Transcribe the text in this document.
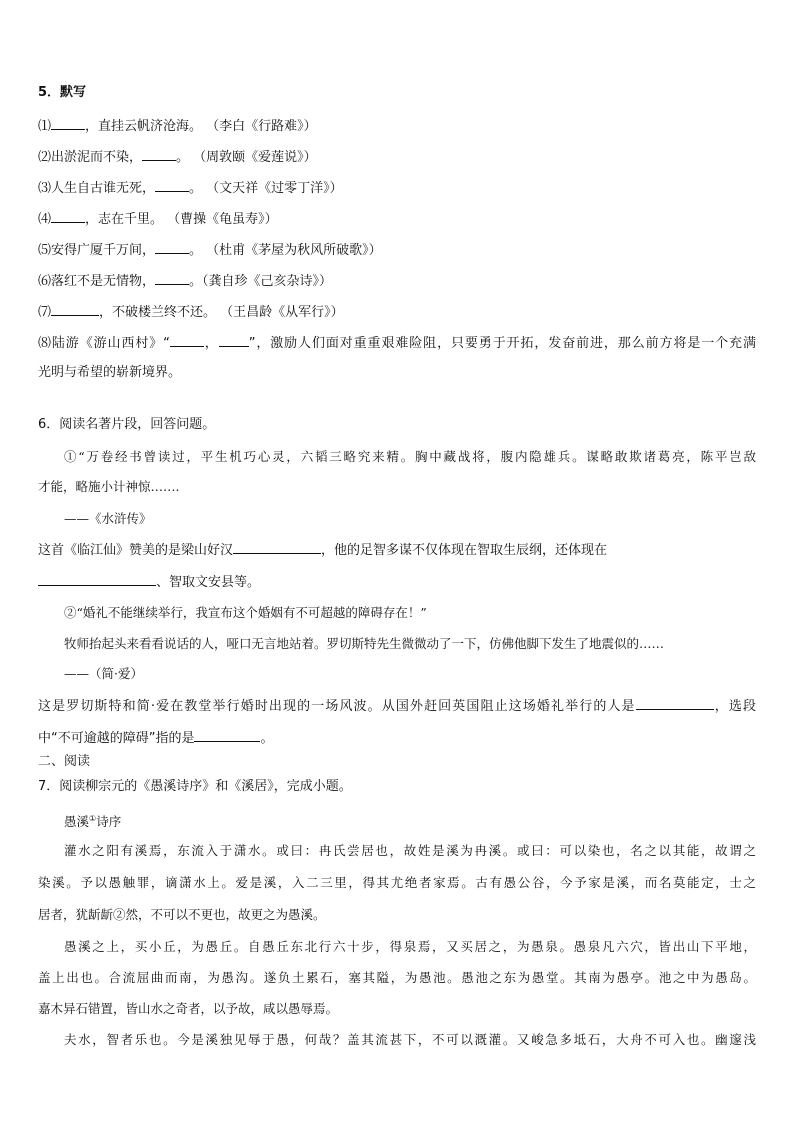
5．默写
⑴	，直挂云帆济沧海。 （李白《行路难》）
⑵出淤泥而不染，	。 （周敦颐《爱莲说》）
⑶人生自古谁无死，	。 （文天祥《过零丁洋》）
⑷	，志在千里。 （曹操《龟虽寿》）
⑸安得广厦千万间，	。 （杜甫《茅屋为秋风所破歌》）
⑹落红不是无情物，	。（龚自珍《己亥杂诗》）
⑺	，不破楼兰终不还。 （王昌龄《从军行》）
⑻陆游《游山西村》“	， ”，激励人们面对重重艰难险阻，只要勇于开拓，发奋前进，那么前方将是一个充满
光明与希望的崭新境界。
6．阅读名著片段，回答问题。
①“万卷经书曾读过，平生机巧心灵，六韬三略究来精。胸中藏战将，腹内隐雄兵。谋略敢欺诸葛亮，陈平岂敌
才能，略施小计神惊…….
——《水浒传》
这首《临江仙》赞美的是梁山好汉	，他的足智多谋不仅体现在智取生辰纲，还体现在
、智取文安县等。
②“婚礼不能继续举行，我宣布这个婚姻有不可超越的障碍存在！”
牧师抬起头来看看说话的人，哑口无言地站着。罗切斯特先生微微动了一下，仿佛他脚下发生了地震似的……
——（简·爱）
这是罗切斯特和简·爱在教堂举行婚时出现的一场风波。从国外赶回英国阻止这场婚礼举行的人是	，选段
中“不可逾越的障碍”指的是	。
二、阅读
7．阅读柳宗元的《愚溪诗序》和《溪居》，完成小题。
愚溪①诗序
灌水之阳有溪焉，东流入于潇水。或曰：冉氏尝居也，故姓是溪为冉溪。或曰：可以染也，名之以其能，故谓之
染溪。予以愚触罪，谪潇水上。爱是溪，入二三里，得其尤绝者家焉。古有愚公谷，今予家是溪，而名莫能定，士之
居者，犹龂龂②然，不可以不更也，故更之为愚溪。
愚溪之上，买小丘，为愚丘。自愚丘东北行六十步，得泉焉，又买居之，为愚泉。愚泉凡六穴，皆出山下平地，
盖上出也。合流屈曲而南，为愚沟。遂负土累石，塞其隘，为愚池。愚池之东为愚堂。其南为愚亭。池之中为愚岛。
嘉木异石错置，皆山水之奇者，以予故，咸以愚辱焉。
夫水，智者乐也。今是溪独见辱于愚，何哉？盖其流甚下，不可以溉灌。又峻急多坻石，大舟不可入也。幽邃浅
